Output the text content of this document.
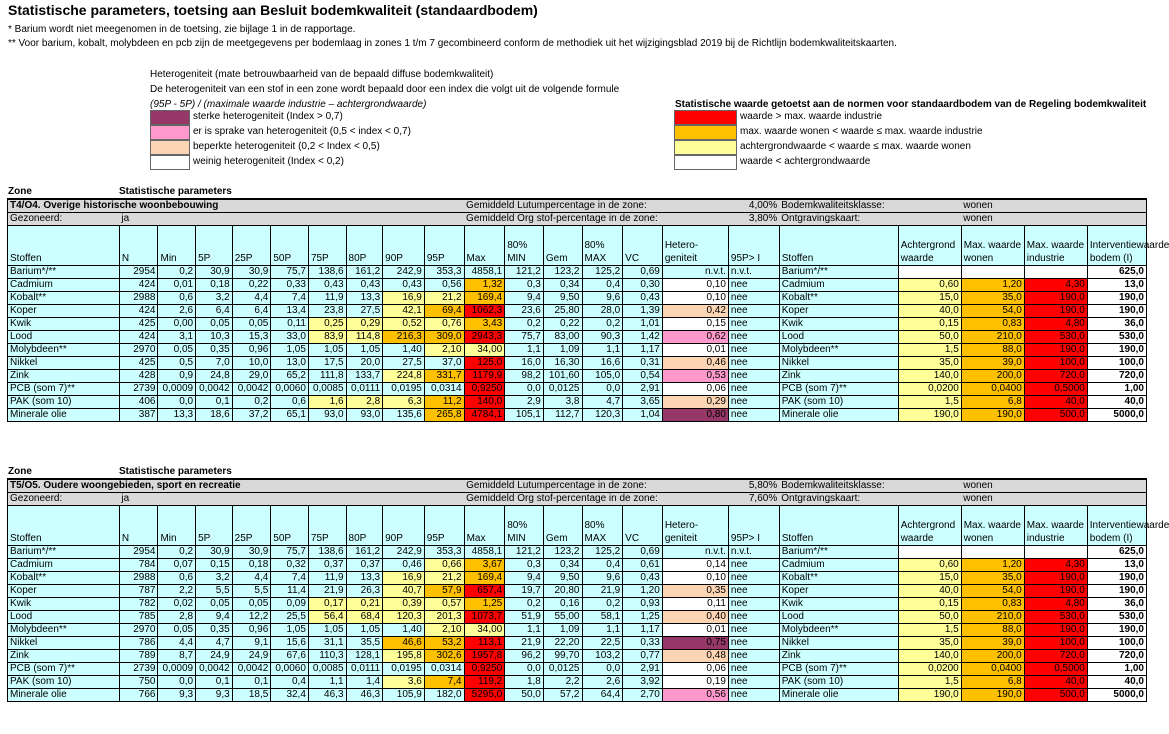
Statistische parameters, toetsing aan Besluit bodemkwaliteit (standaardbodem)
* Barium wordt niet meegenomen in de toetsing, zie bijlage 1 in de rapportage.
** Voor barium, kobalt, molybdeen en pcb zijn de meetgegevens per bodemlaag in zones 1 t/m 7 gecombineerd conform de methodiek uit het wijzigingsblad 2019 bij de Richtlijn bodemkwaliteitskaarten.
Heterogeniteit (mate betrouwbaarheid van de bepaald diffuse bodemkwaliteit)
De heterogeniteit van een stof in een zone wordt bepaald door een index die volgt uit de volgende formule
(95P - 5P) / (maximale waarde industrie – achtergrondwaarde)	Statistische waarde getoetst aan de normen voor standaardbodem van de Regeling bodemkwaliteit
sterke heterogeniteit (Index > 0,7)
er is sprake van heterogeniteit (0,5 < index < 0,7)
beperkte heterogeniteit (0,2 < Index < 0,5)
weinig heterogeniteit (Index < 0,2)
waarde > max. waarde industrie
max. waarde wonen < waarde ≤ max. waarde industrie
achtergrondwaarde < waarde ≤ max. waarde wonen
waarde < achtergrondwaarde
Zone	Statistische parameters
T4/O4. Overige historische woonbebouwing										Gemiddeld Lutumpercentage in de zone:					4,00%		Bodemkwaliteitsklasse:		wonen		
Gezoneerd:	ja									Gemiddeld Org stof-percentage in de zone:					3,80%		Ontgravingskaart:		wonen		
Stoffen	N	Min	5P	25P	50P	75P	80P	90P	95P	Max	80% MIN	Gem	80% MAX	VC	Hetero-geniteit	95P> I	Stoffen	Achtergrond waarde	Max. waarde wonen	Max. waarde industrie	Interventiewaarde bodem (I)
Barium*/**	2954	0,2	30,9	30,9	75,7	138,6	161,2	242,9	353,3	4858,1	121,2	123,2	125,2	0,69	n.v.t.	n.v.t.	Barium*/**				625,0
Cadmium	424	0,01	0,18	0,22	0,33	0,43	0,43	0,43	0,56	1,32	0,3	0,34	0,4	0,30	0,10	nee	Cadmium	0,60	1,20	4,30	13,0
Kobalt**	2988	0,6	3,2	4,4	7,4	11,9	13,3	16,9	21,2	169,4	9,4	9,50	9,6	0,43	0,10	nee	Kobalt**	15,0	35,0	190,0	190,0
Koper	424	2,6	6,4	6,4	13,4	23,8	27,5	42,1	69,4	1062,3	23,6	25,80	28,0	1,39	0,42	nee	Koper	40,0	54,0	190,0	190,0
Kwik	425	0,00	0,05	0,05	0,11	0,25	0,29	0,52	0,76	3,43	0,2	0,22	0,2	1,01	0,15	nee	Kwik	0,15	0,83	4,80	36,0
Lood	424	3,1	10,3	15,3	33,0	83,9	114,8	216,3	309,0	2943,3	75,7	83,00	90,3	1,42	0,62	nee	Lood	50,0	210,0	530,0	530,0
Molybdeen**	2970	0,05	0,35	0,96	1,05	1,05	1,05	1,40	2,10	34,00	1,1	1,09	1,1	1,17	0,01	nee	Molybdeen**	1,5	88,0	190,0	190,0
Nikkel	425	0,5	7,0	10,0	13,0	17,5	20,0	27,5	37,0	125,0	16,0	16,30	16,6	0,31	0,46	nee	Nikkel	35,0	39,0	100,0	100,0
Zink	428	0,9	24,8	29,0	65,2	111,8	133,7	224,8	331,7	1179,9	98,2	101,60	105,0	0,54	0,53	nee	Zink	140,0	200,0	720,0	720,0
PCB (som 7)**	2739	0,0009	0,0042	0,0042	0,0060	0,0085	0,0111	0,0195	0,0314	0,9250	0,0	0,0125	0,0	2,91	0,06	nee	PCB (som 7)**	0,0200	0,0400	0,5000	1,00
PAK (som 10)	406	0,0	0,1	0,2	0,6	1,6	2,8	6,3	11,2	140,0	2,9	3,8	4,7	3,65	0,29	nee	PAK (som 10)	1,5	6,8	40,0	40,0
Minerale olie	387	13,3	18,6	37,2	65,1	93,0	93,0	135,6	265,8	4784,1	105,1	112,7	120,3	1,04	0,80	nee	Minerale olie	190,0	190,0	500,0	5000,0
Zone	Statistische parameters
T5/O5. Oudere woongebieden, sport en recreatie										Gemiddeld Lutumpercentage in de zone:					5,80%		Bodemkwaliteitsklasse:		wonen		
Gezoneerd:	ja									Gemiddeld Org stof-percentage in de zone:					7,60%		Ontgravingskaart:		wonen		
Stoffen	N	Min	5P	25P	50P	75P	80P	90P	95P	Max	80% MIN	Gem	80% MAX	VC	Hetero-geniteit	95P> I	Stoffen	Achtergrond waarde	Max. waarde wonen	Max. waarde industrie	Interventiewaarde bodem (I)
Barium*/**	2954	0,2	30,9	30,9	75,7	138,6	161,2	242,9	353,3	4858,1	121,2	123,2	125,2	0,69	n.v.t.	n.v.t.	Barium*/**				625,0
Cadmium	784	0,07	0,15	0,18	0,32	0,37	0,37	0,46	0,66	3,67	0,3	0,34	0,4	0,61	0,14	nee	Cadmium	0,60	1,20	4,30	13,0
Kobalt**	2988	0,6	3,2	4,4	7,4	11,9	13,3	16,9	21,2	169,4	9,4	9,50	9,6	0,43	0,10	nee	Kobalt**	15,0	35,0	190,0	190,0
Koper	787	2,2	5,5	5,5	11,4	21,9	26,3	40,7	57,9	657,4	19,7	20,80	21,9	1,20	0,35	nee	Koper	40,0	54,0	190,0	190,0
Kwik	782	0,02	0,05	0,05	0,09	0,17	0,21	0,39	0,57	1,25	0,2	0,16	0,2	0,93	0,11	nee	Kwik	0,15	0,83	4,80	36,0
Lood	785	2,8	9,4	12,2	25,5	56,4	68,4	120,3	201,3	1073,7	51,9	55,00	58,1	1,25	0,40	nee	Lood	50,0	210,0	530,0	530,0
Molybdeen**	2970	0,05	0,35	0,96	1,05	1,05	1,05	1,40	2,10	34,00	1,1	1,09	1,1	1,17	0,01	nee	Molybdeen**	1,5	88,0	190,0	190,0
Nikkel	786	4,4	4,7	9,1	15,6	31,1	35,5	46,6	53,2	113,1	21,9	22,20	22,5	0,33	0,75	nee	Nikkel	35,0	39,0	100,0	100,0
Zink	789	8,7	24,9	24,9	67,6	110,3	128,1	195,8	302,6	1957,8	96,2	99,70	103,2	0,77	0,48	nee	Zink	140,0	200,0	720,0	720,0
PCB (som 7)**	2739	0,0009	0,0042	0,0042	0,0060	0,0085	0,0111	0,0195	0,0314	0,9250	0,0	0,0125	0,0	2,91	0,06	nee	PCB (som 7)**	0,0200	0,0400	0,5000	1,00
PAK (som 10)	750	0,0	0,1	0,1	0,4	1,1	1,4	3,6	7,4	119,2	1,8	2,2	2,6	3,92	0,19	nee	PAK (som 10)	1,5	6,8	40,0	40,0
Minerale olie	766	9,3	9,3	18,5	32,4	46,3	46,3	105,9	182,0	5295,0	50,0	57,2	64,4	2,70	0,56	nee	Minerale olie	190,0	190,0	500,0	5000,0
